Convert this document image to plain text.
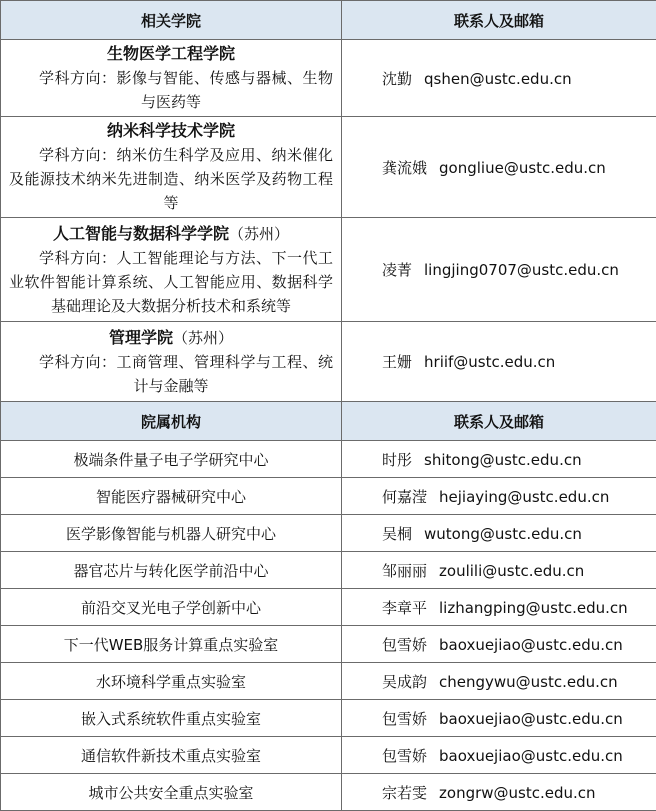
相关学院	联系人及邮箱

生物医学工程学院
学科方向：影像与智能、传感与器械、生物与医药等	沈勤 qshen@ustc.edu.cn

纳米科学技术学院
学科方向：纳米仿生科学及应用、纳米催化及能源技术纳米先进制造、纳米医学及药物工程等	龚流娥 gongliue@ustc.edu.cn

人工智能与数据科学学院（苏州）
学科方向：人工智能理论与方法、下一代工业软件智能计算系统、人工智能应用、数据科学基础理论及大数据分析技术和系统等	凌菁 lingjing0707@ustc.edu.cn

管理学院（苏州）
学科方向：工商管理、管理科学与工程、统计与金融等	王姗 hriif@ustc.edu.cn
院属机构	联系人及邮箱
极端条件量子电子学研究中心	时彤 shitong@ustc.edu.cn
智能医疗器械研究中心	何嘉滢 hejiaying@ustc.edu.cn
医学影像智能与机器人研究中心	吴桐 wutong@ustc.edu.cn
器官芯片与转化医学前沿中心	邹丽丽 zoulili@ustc.edu.cn
前沿交叉光电子学创新中心	李章平 lizhangping@ustc.edu.cn
下一代WEB服务计算重点实验室	包雪娇 baoxuejiao@ustc.edu.cn
水环境科学重点实验室	吴成韵 chengywu@ustc.edu.cn
嵌入式系统软件重点实验室	包雪娇 baoxuejiao@ustc.edu.cn
通信软件新技术重点实验室	包雪娇 baoxuejiao@ustc.edu.cn
城市公共安全重点实验室	宗若雯 zongrw@ustc.edu.cn
